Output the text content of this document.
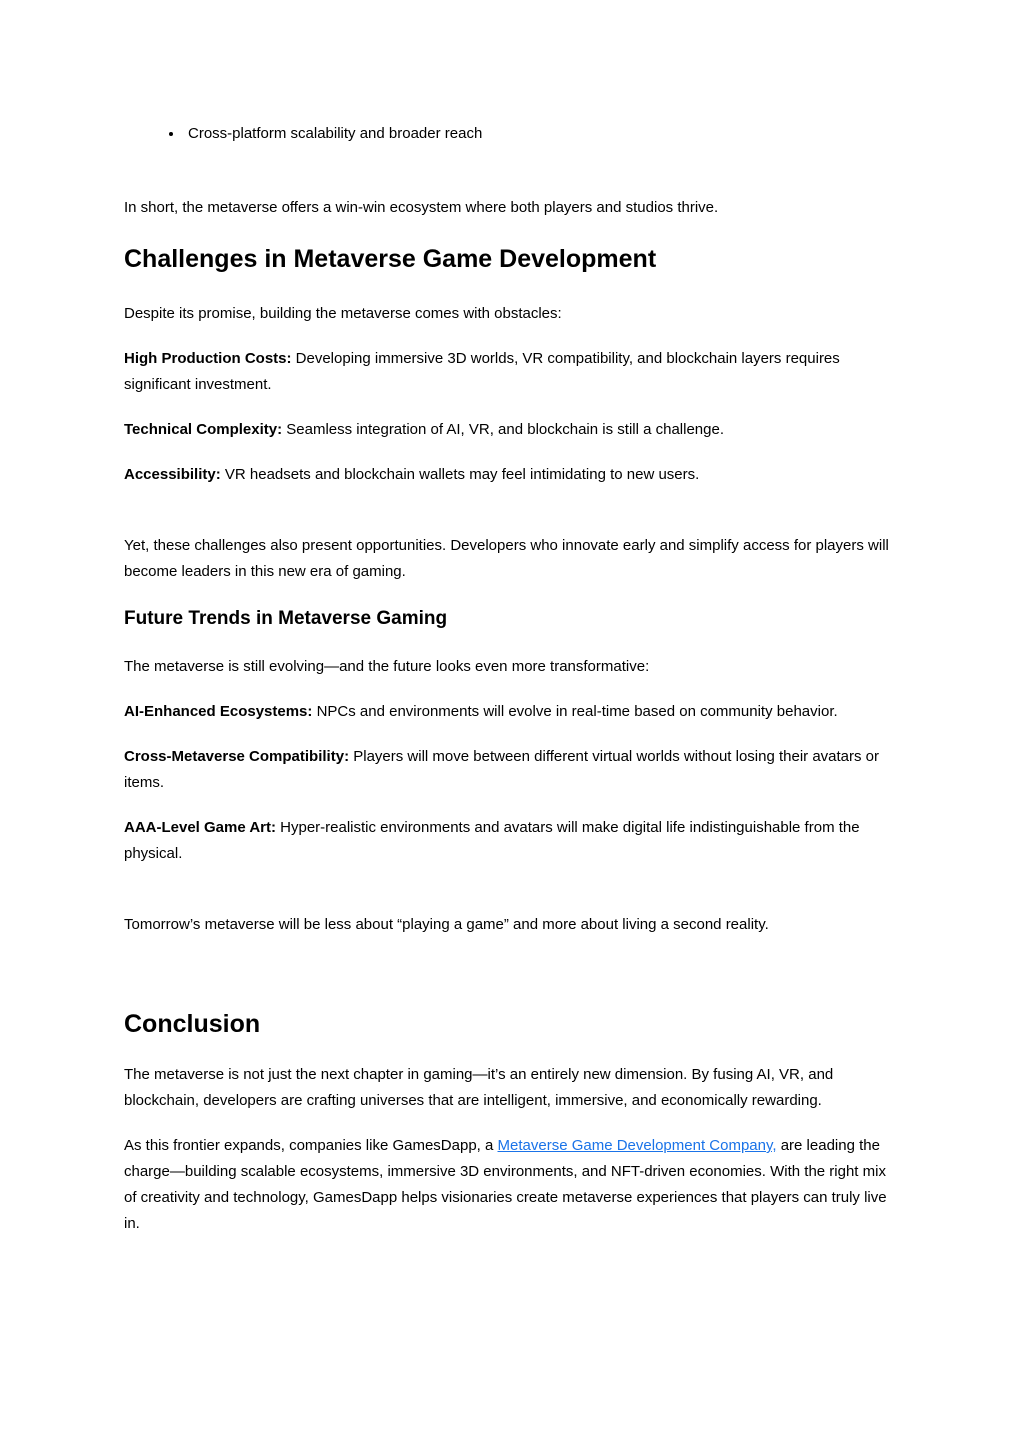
• Cross-platform scalability and broader reach

In short, the metaverse offers a win-win ecosystem where both players and studios thrive.

Challenges in Metaverse Game Development

Despite its promise, building the metaverse comes with obstacles:

High Production Costs: Developing immersive 3D worlds, VR compatibility, and blockchain layers requires significant investment.

Technical Complexity: Seamless integration of AI, VR, and blockchain is still a challenge.

Accessibility: VR headsets and blockchain wallets may feel intimidating to new users.

Yet, these challenges also present opportunities. Developers who innovate early and simplify access for players will become leaders in this new era of gaming.

Future Trends in Metaverse Gaming

The metaverse is still evolving—and the future looks even more transformative:

AI-Enhanced Ecosystems: NPCs and environments will evolve in real-time based on community behavior.

Cross-Metaverse Compatibility: Players will move between different virtual worlds without losing their avatars or items.

AAA-Level Game Art: Hyper-realistic environments and avatars will make digital life indistinguishable from the physical.

Tomorrow’s metaverse will be less about “playing a game” and more about living a second reality.

Conclusion

The metaverse is not just the next chapter in gaming—it’s an entirely new dimension. By fusing AI, VR, and blockchain, developers are crafting universes that are intelligent, immersive, and economically rewarding.

As this frontier expands, companies like GamesDapp, a Metaverse Game Development Company, are leading the charge—building scalable ecosystems, immersive 3D environments, and NFT-driven economies. With the right mix of creativity and technology, GamesDapp helps visionaries create metaverse experiences that players can truly live in.
